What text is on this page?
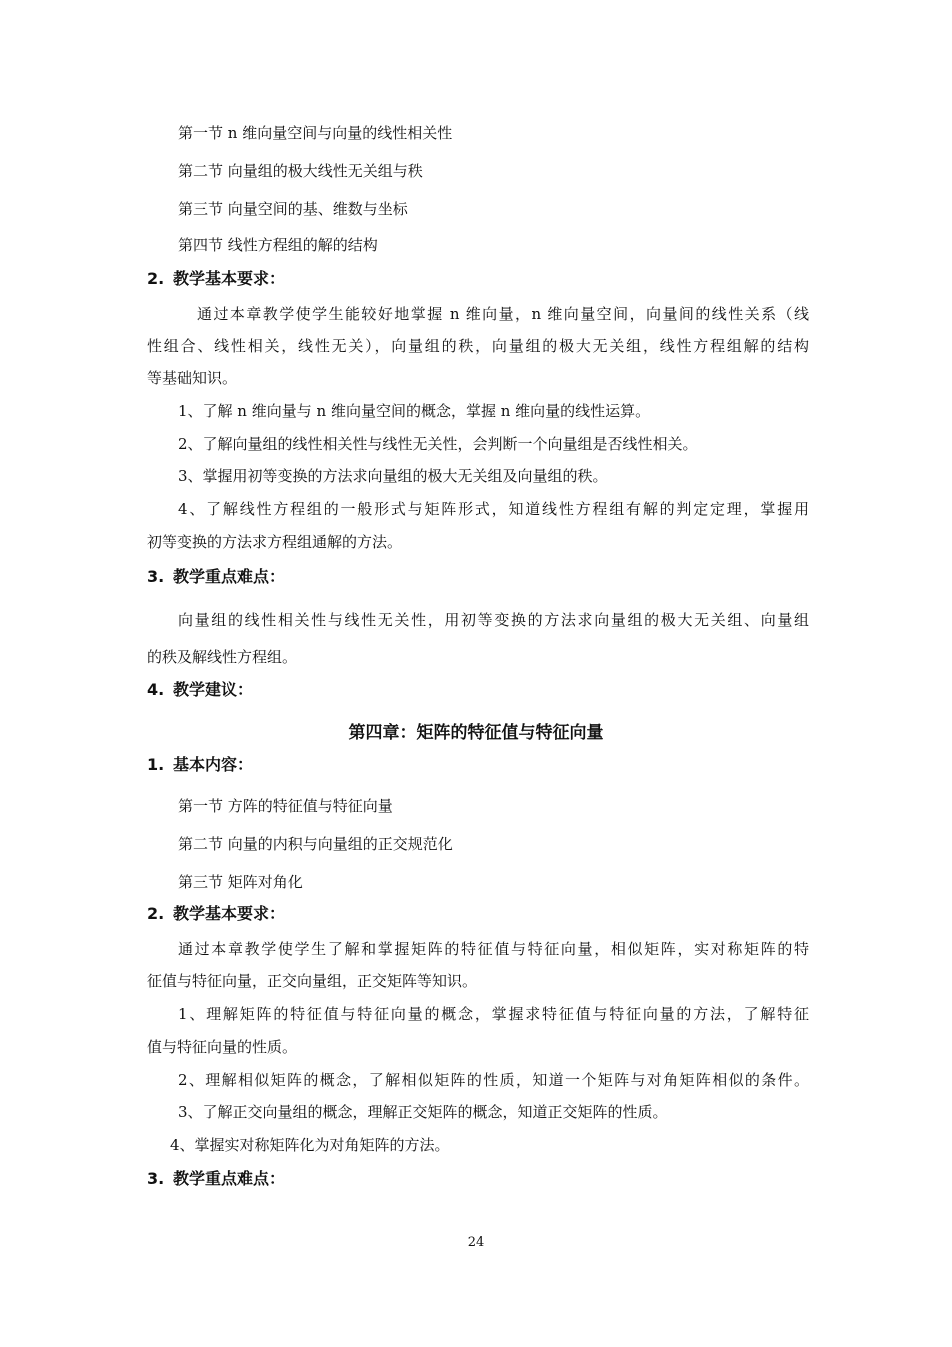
第一节 n 维向量空间与向量的线性相关性
第二节 向量组的极大线性无关组与秩
第三节 向量空间的基、维数与坐标
第四节 线性方程组的解的结构
2. 教学基本要求：
通过本章教学使学生能较好地掌握 n 维向量，n 维向量空间，向量间的线性关系（线
性组合、线性相关，线性无关），向量组的秩，向量组的极大无关组，线性方程组解的结构
等基础知识。
1、了解 n 维向量与 n 维向量空间的概念，掌握 n 维向量的线性运算。
2、了解向量组的线性相关性与线性无关性，会判断一个向量组是否线性相关。
3、掌握用初等变换的方法求向量组的极大无关组及向量组的秩。
4、了解线性方程组的一般形式与矩阵形式，知道线性方程组有解的判定定理，掌握用
初等变换的方法求方程组通解的方法。
3. 教学重点难点：
向量组的线性相关性与线性无关性，用初等变换的方法求向量组的极大无关组、向量组
的秩及解线性方程组。
4. 教学建议：
第四章：矩阵的特征值与特征向量
1. 基本内容：
第一节 方阵的特征值与特征向量
第二节 向量的内积与向量组的正交规范化
第三节 矩阵对角化
2. 教学基本要求：
通过本章教学使学生了解和掌握矩阵的特征值与特征向量，相似矩阵，实对称矩阵的特
征值与特征向量，正交向量组，正交矩阵等知识。
1、理解矩阵的特征值与特征向量的概念，掌握求特征值与特征向量的方法，了解特征
值与特征向量的性质。
2、理解相似矩阵的概念，了解相似矩阵的性质，知道一个矩阵与对角矩阵相似的条件。
3、了解正交向量组的概念，理解正交矩阵的概念，知道正交矩阵的性质。
4、掌握实对称矩阵化为对角矩阵的方法。
3. 教学重点难点：
24
